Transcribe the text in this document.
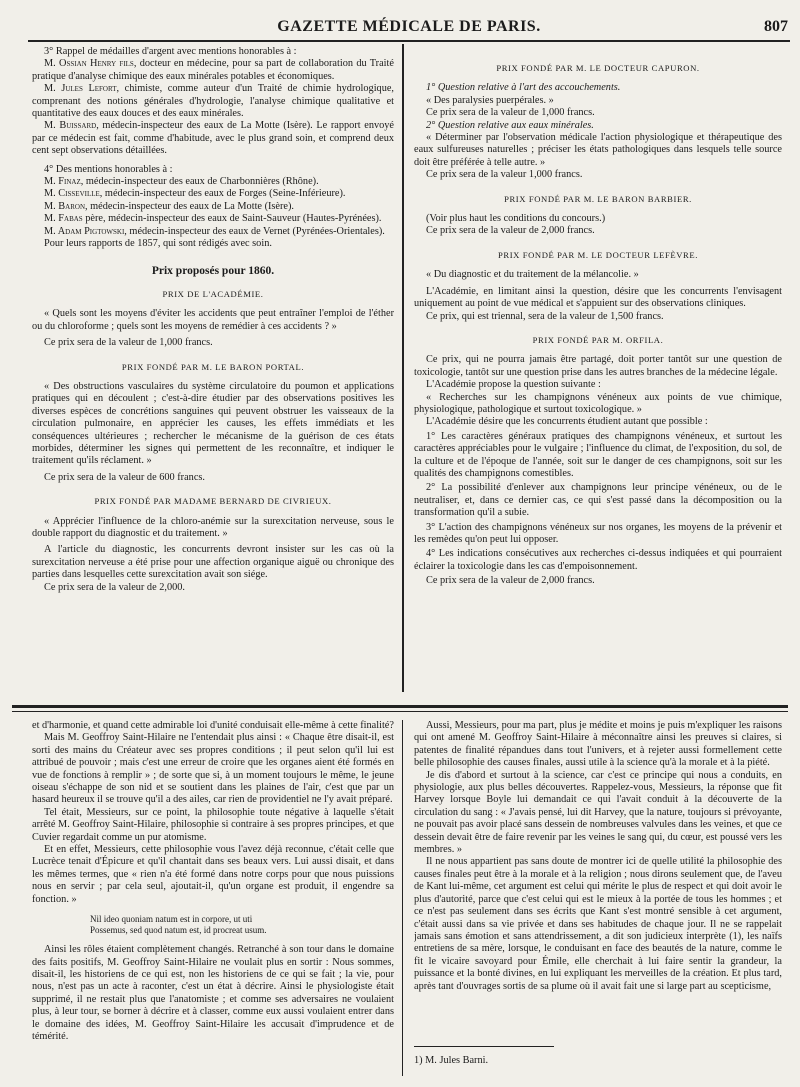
GAZETTE MÉDICALE DE PARIS.	807

3° Rappel de médailles d'argent avec mentions honorables à :

M. Ossian Henry fils, docteur en médecine, pour sa part de collaboration du Traité pratique d'analyse chimique des eaux minérales potables et économiques.

M. Jules Lefort, chimiste, comme auteur d'un Traité de chimie hydrologique, comprenant des notions générales d'hydrologie, l'analyse chimique qualitative et quantitative des eaux douces et des eaux minérales.

M. Buissard, médecin-inspecteur des eaux de La Motte (Isère). Le rapport envoyé par ce médecin est fait, comme d'habitude, avec le plus grand soin, et comprend deux cent sept observations détaillées.

4° Des mentions honorables à :

M. Finaz, médecin-inspecteur des eaux de Charbonnières (Rhône).

M. Cisseville, médecin-inspecteur des eaux de Forges (Seine-Inférieure).

M. Baron, médecin-inspecteur des eaux de La Motte (Isère).

M. Fabas père, médecin-inspecteur des eaux de Saint-Sauveur (Hautes-Pyrénées).

M. Adam Pigtowski, médecin-inspecteur des eaux de Vernet (Pyrénées-Orientales).

Pour leurs rapports de 1857, qui sont rédigés avec soin.

Prix proposés pour 1860.
PRIX DE L'ACADÉMIE.

« Quels sont les moyens d'éviter les accidents que peut entraîner l'emploi de l'éther ou du chloroforme ; quels sont les moyens de remédier à ces accidents ? »

Ce prix sera de la valeur de 1,000 francs.

PRIX FONDÉ PAR M. LE BARON PORTAL.

« Des obstructions vasculaires du système circulatoire du poumon et applications pratiques qui en découlent ; c'est-à-dire étudier par des observations positives les diverses espèces de concrétions sanguines qui peuvent obstruer les vaisseaux de la circulation pulmonaire, en apprécier les causes, les effets immédiats et les conséquences ultérieures ; rechercher le mécanisme de la guérison de ces états morbides, déterminer les signes qui permettent de les reconnaître, et indiquer le traitement qu'ils réclament. »

Ce prix sera de la valeur de 600 francs.

PRIX FONDÉ PAR MADAME BERNARD DE CIVRIEUX.

« Apprécier l'influence de la chloro-anémie sur la surexcitation nerveuse, sous le double rapport du diagnostic et du traitement. »

A l'article du diagnostic, les concurrents devront insister sur les cas où la surexcitation nerveuse a été prise pour une affection organique aiguë ou chronique des parties dans lesquelles cette surexcitation avait son siége.

Ce prix sera de la valeur de 2,000.

PRIX FONDÉ PAR M. LE DOCTEUR CAPURON.

1° Question relative à l'art des accouchements.

« Des paralysies puerpérales. »

Ce prix sera de la valeur de 1,000 francs.

2° Question relative aux eaux minérales.

« Déterminer par l'observation médicale l'action physiologique et thérapeutique des eaux sulfureuses naturelles ; préciser les états pathologiques dans lesquels telle source doit être préférée à telle autre. »

Ce prix sera de la valeur 1,000 francs.

PRIX FONDÉ PAR M. LE BARON BARBIER.

(Voir plus haut les conditions du concours.)

Ce prix sera de la valeur de 2,000 francs.

PRIX FONDÉ PAR M. LE DOCTEUR LEFÈVRE.

« Du diagnostic et du traitement de la mélancolie. »

L'Académie, en limitant ainsi la question, désire que les concurrents l'envisagent uniquement au point de vue médical et s'appuient sur des observations cliniques.

Ce prix, qui est triennal, sera de la valeur de 1,500 francs.

PRIX FONDÉ PAR M. ORFILA.

Ce prix, qui ne pourra jamais être partagé, doit porter tantôt sur une question de toxicologie, tantôt sur une question prise dans les autres branches de la médecine légale.

L'Académie propose la question suivante :

« Recherches sur les champignons vénéneux aux points de vue chimique, physiologique, pathologique et surtout toxicologique. »

L'Académie désire que les concurrents étudient autant que possible :

1° Les caractères généraux pratiques des champignons vénéneux, et surtout les caractères appréciables pour le vulgaire ; l'influence du climat, de l'exposition, du sol, de la culture et de l'époque de l'année, soit sur le danger de ces champignons, soit sur les qualités des champignons comestibles.

2° La possibilité d'enlever aux champignons leur principe vénéneux, ou de le neutraliser, et, dans ce dernier cas, ce qui s'est passé dans la décomposition ou la transformation qu'il a subie.

3° L'action des champignons vénéneux sur nos organes, les moyens de la prévenir et les remèdes qu'on peut lui opposer.

4° Les indications consécutives aux recherches ci-dessus indiquées et qui pourraient éclairer la toxicologie dans les cas d'empoisonnement.

Ce prix sera de la valeur de 2,000 francs.

et d'harmonie, et quand cette admirable loi d'unité conduisait elle-même à cette finalité?

Mais M. Geoffroy Saint-Hilaire ne l'entendait plus ainsi : « Chaque être disait-il, est sorti des mains du Créateur avec ses propres conditions ; il peut selon qu'il lui est attribué de pouvoir ; mais c'est une erreur de croire que les organes aient été formés en vue de fonctions à remplir » ; de sorte que si, à un moment toujours le même, le jeune oiseau s'échappe de son nid et se soutient dans les plaines de l'air, c'est que par un hasard heureux il se trouve qu'il a des ailes, car rien de providentiel ne l'y avait préparé.

Tel était, Messieurs, sur ce point, la philosophie toute négative à laquelle s'était arrêté M. Geoffroy Saint-Hilaire, philosophie si contraire à ses propres principes, et que Cuvier regardait comme un pur atomisme.

Et en effet, Messieurs, cette philosophie vous l'avez déjà reconnue, c'était celle que Lucrèce tenait d'Épicure et qu'il chantait dans ses beaux vers. Lui aussi disait, et dans les mêmes termes, que « rien n'a été formé dans notre corps pour que nous puissions nous en servir ; par cela seul, ajoutait-il, qu'un organe est produit, il engendre sa fonction. »

Nil ideo quoniam natum est in corpore, ut uti
Possemus, sed quod natum est, id procreat usum.

Ainsi les rôles étaient complètement changés. Retranché à son tour dans le domaine des faits positifs, M. Geoffroy Saint-Hilaire ne voulait plus en sortir : Nous sommes, disait-il, les historiens de ce qui est, non les historiens de ce qui se fait ; la vie, pour nous, n'est pas un acte à raconter, c'est un état à décrire. Ainsi le physiologiste était supprimé, il ne restait plus que l'anatomiste ; et comme ses adversaires ne voulaient plus, à leur tour, se borner à décrire et à classer, comme eux aussi voulaient entrer dans le domaine des idées, M. Geoffroy Saint-Hilaire les accusait d'imprudence et de témérité.

Aussi, Messieurs, pour ma part, plus je médite et moins je puis m'expliquer les raisons qui ont amené M. Geoffroy Saint-Hilaire à méconnaître ainsi les preuves si claires, si patentes de finalité répandues dans tout l'univers, et à rejeter aussi formellement cette belle philosophie des causes finales, aussi utile à la science qu'à la morale et à la piété.

Je dis d'abord et surtout à la science, car c'est ce principe qui nous a conduits, en physiologie, aux plus belles découvertes. Rappelez-vous, Messieurs, la réponse que fit Harvey lorsque Boyle lui demandait ce qui l'avait conduit à la découverte de la circulation du sang : « J'avais pensé, lui dit Harvey, que la nature, toujours si prévoyante, ne pouvait pas avoir placé sans dessein de nombreuses valvules dans les veines, et que ce dessein devait être de faire revenir par les veines le sang qui, du cœur, est poussé vers les membres. »

Il ne nous appartient pas sans doute de montrer ici de quelle utilité la philosophie des causes finales peut être à la morale et à la religion ; nous dirons seulement que, de l'aveu de Kant lui-même, cet argument est celui qui mérite le plus de respect et qui doit avoir le plus d'autorité, parce que c'est celui qui est le mieux à la portée de tous les hommes ; et ce n'est pas seulement dans ses écrits que Kant s'est montré sensible à cet argument, c'était aussi dans sa vie privée et dans ses habitudes de chaque jour. Il ne se rappelait jamais sans émotion et sans attendrissement, a dit son judicieux interprète (1), les naïfs entretiens de sa mère, lorsque, le conduisant en face des beautés de la nature, comme le fit le vicaire savoyard pour Émile, elle cherchait à lui faire sentir la grandeur, la puissance et la bonté divines, en lui expliquant les merveilles de la création. Et plus tard, après tant d'ouvrages sortis de sa plume où il avait fait une si large part au scepticisme,

1) M. Jules Barni.
